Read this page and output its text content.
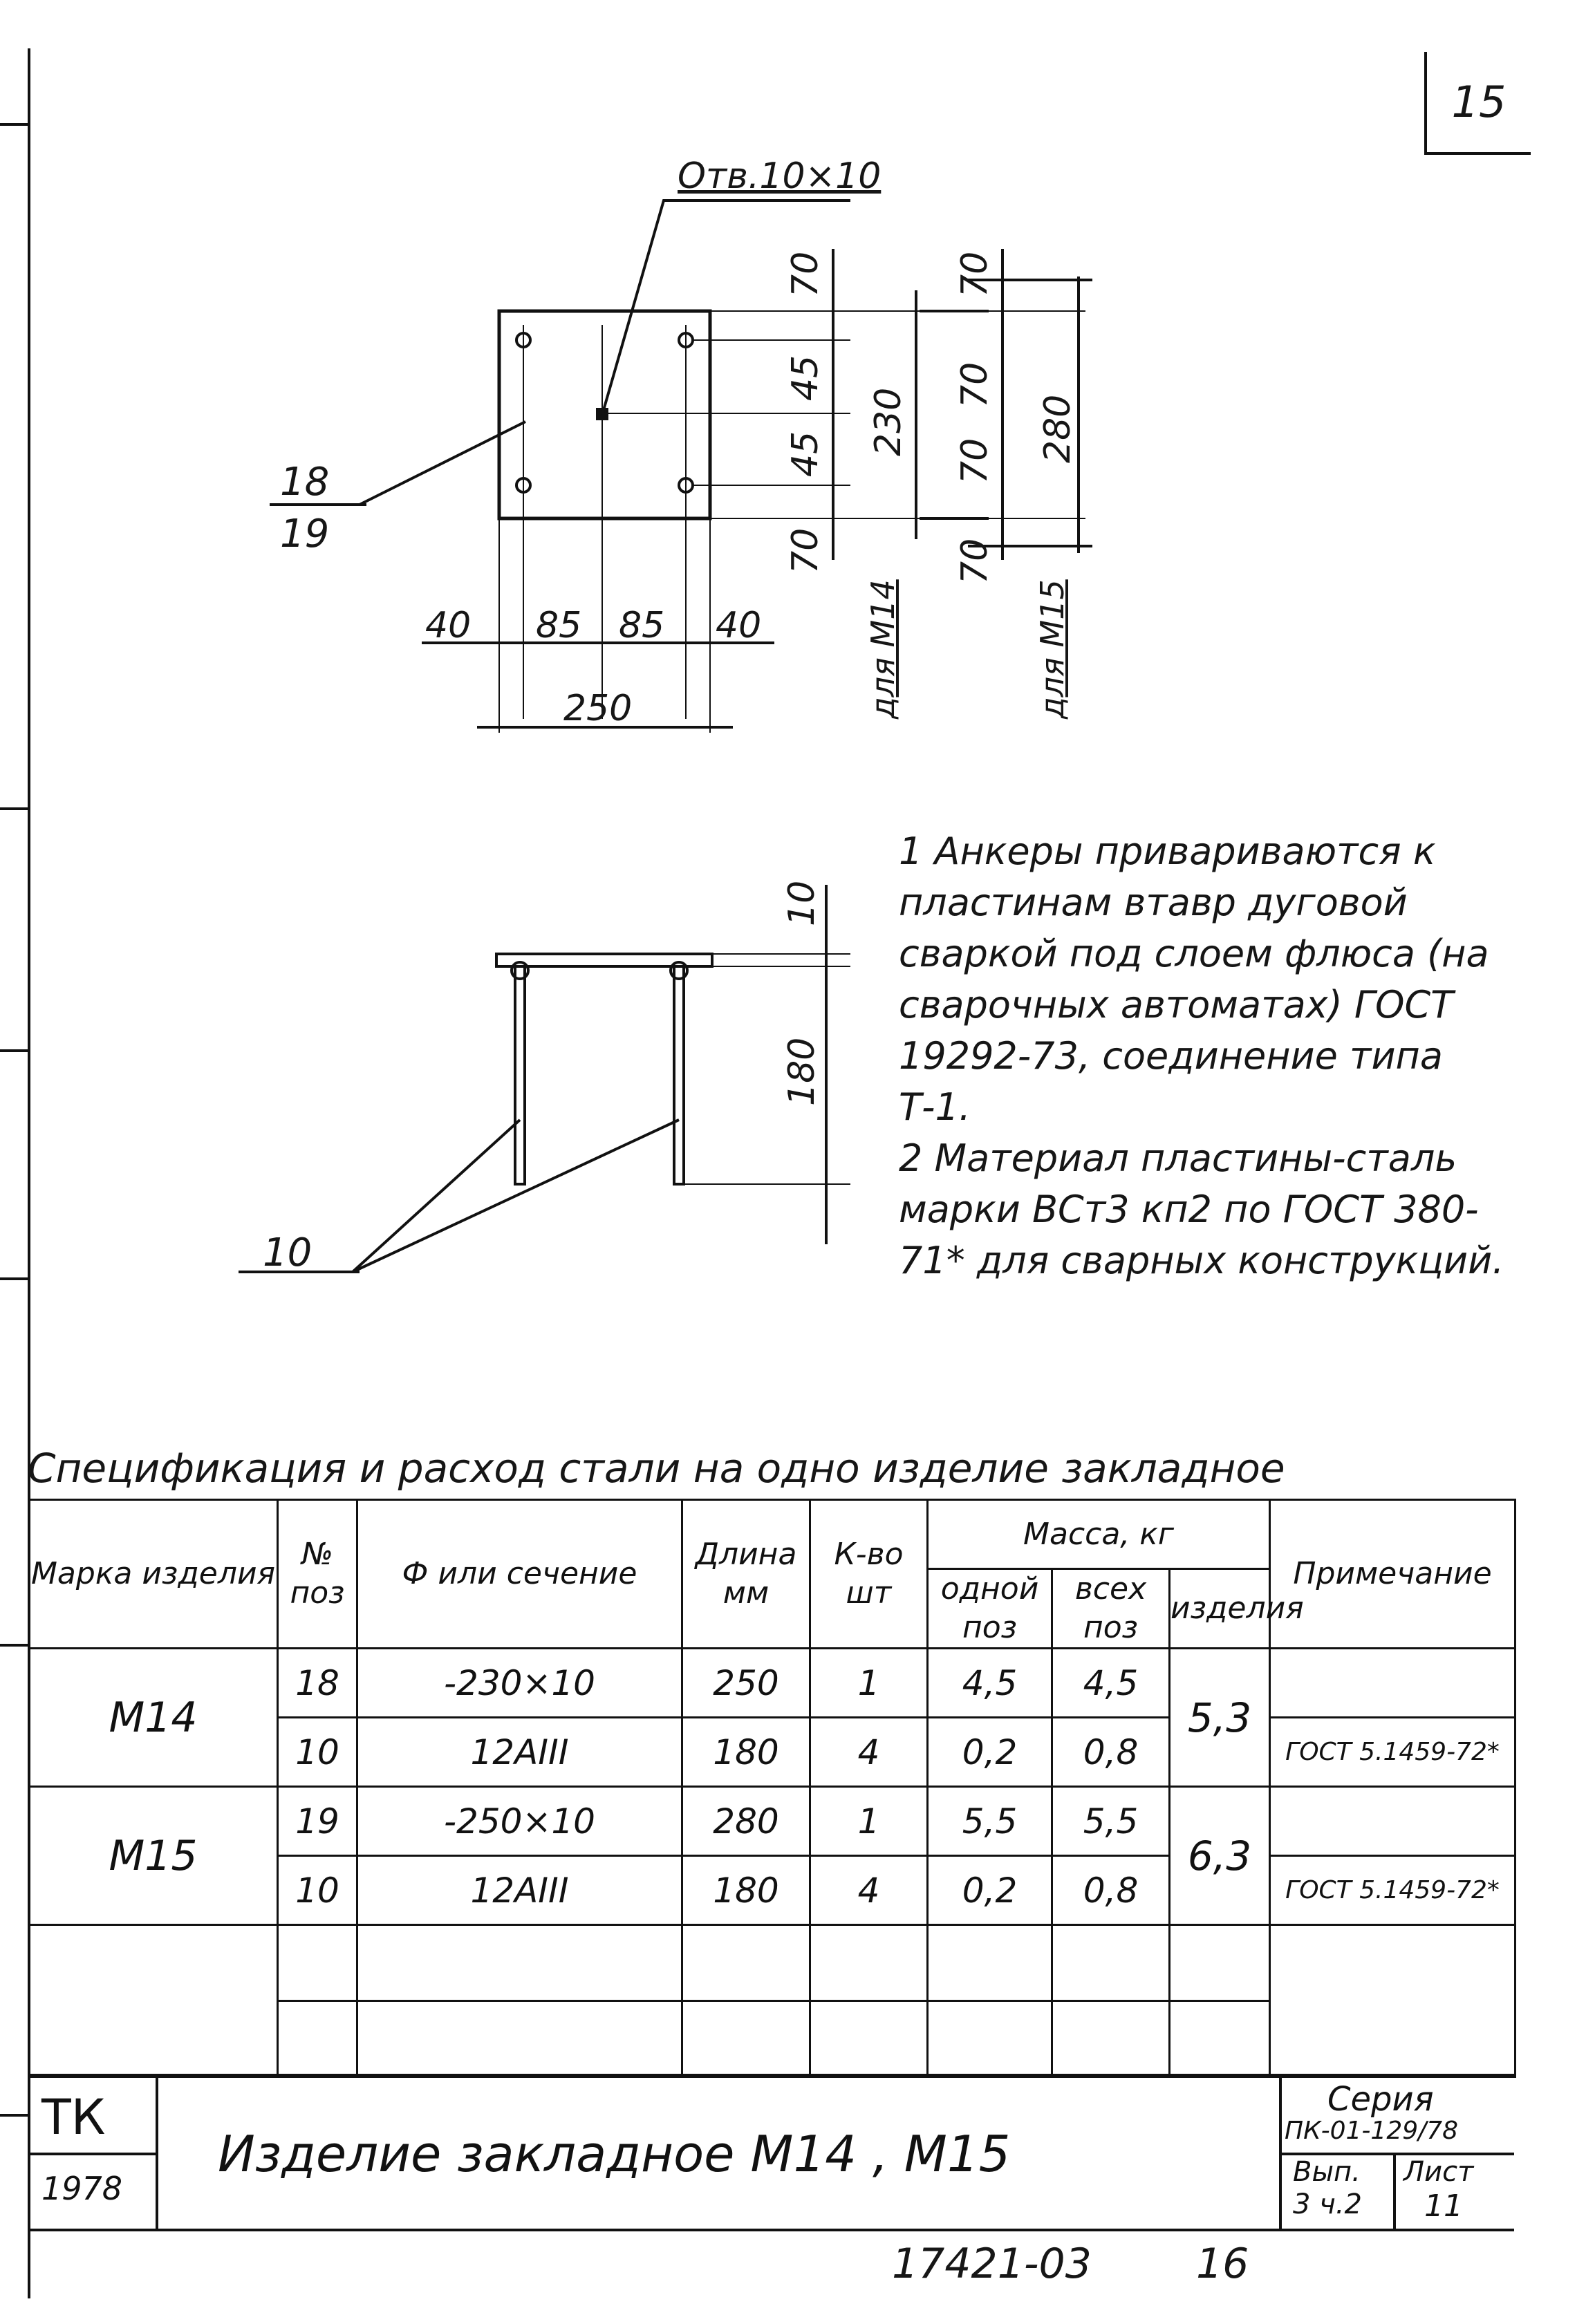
15
Отв.10×10
18
19
40 85 85 40
250
70
45
45
70
230
для М14
70
70
70
70
280
для М15
10
180
10

1 Анкеры привариваются к пластинам втавр дуговой сваркой под слоем флюса (на сварочных автоматах) ГОСТ 19292-73, соединение типа Т-1.

2 Материал пластины-сталь марки ВСт3 кп2 по ГОСТ 380-71* для сварных конструкций.

Спецификация и расход стали на одно изделие закладное
Марка изделия	№ поз	Ф или сечение	Длина мм	К-во шт	Масса, кг			Примечание
					одной поз	всех поз	изделия	
М14	18	-230×10	250	1	4,5	4,5	5,3	
	10	12АIII	180	4	0,2	0,8		ГОСТ 5.1459-72*
М15	19	-250×10	280	1	5,5	5,5	6,3	
	10	12АIII	180	4	0,2	0,8		ГОСТ 5.1459-72*

ТК
1978
Изделие закладное М14 , М15
Серия
ПК-01-129/78
Вып.
3 ч.2
Лист
11
17421-03	16
